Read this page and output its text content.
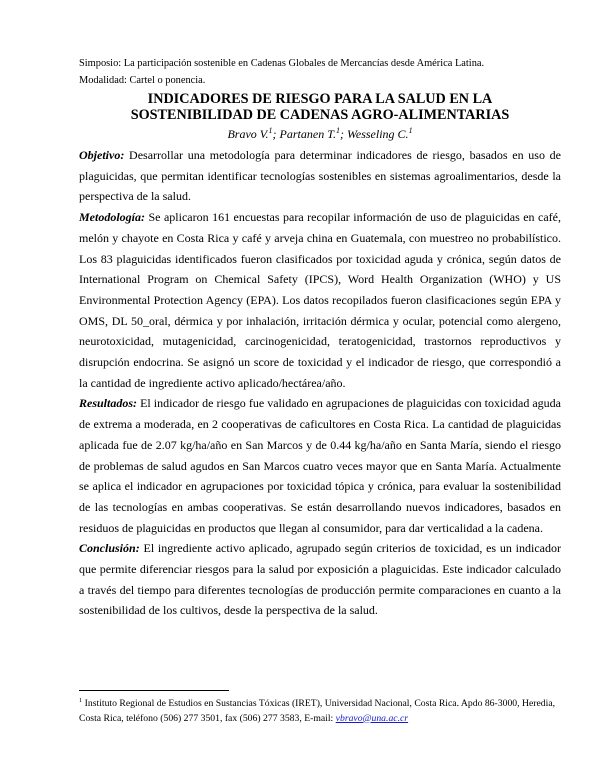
Simposio: La participación sostenible en Cadenas Globales de Mercancías desde América Latina.
Modalidad: Cartel o ponencia.
INDICADORES DE RIESGO PARA LA SALUD EN LA
SOSTENIBILIDAD DE CADENAS AGRO-ALIMENTARIAS
Bravo V.$^1$; Partanen T.$^1$; Wesseling C.$^1$

Objetivo: Desarrollar una metodología para determinar indicadores de riesgo, basados en uso de plaguicidas, que permitan identificar tecnologías sostenibles en sistemas agroalimentarios, desde la perspectiva de la salud.

Metodología: Se aplicaron 161 encuestas para recopilar información de uso de plaguicidas en café, melón y chayote en Costa Rica y café y arveja china en Guatemala, con muestreo no probabilístico. Los 83 plaguicidas identificados fueron clasificados por toxicidad aguda y crónica, según datos de International Program on Chemical Safety (IPCS), Word Health Organization (WHO) y US Environmental Protection Agency (EPA). Los datos recopilados fueron clasificaciones según EPA y OMS, DL 50_oral, dérmica y por inhalación, irritación dérmica y ocular, potencial como alergeno, neurotoxicidad, mutagenicidad, carcinogenicidad, teratogenicidad, trastornos reproductivos y disrupción endocrina. Se asignó un score de toxicidad y el indicador de riesgo, que correspondió a la cantidad de ingrediente activo aplicado/hectárea/año.

Resultados: El indicador de riesgo fue validado en agrupaciones de plaguicidas con toxicidad aguda de extrema a moderada, en 2 cooperativas de caficultores en Costa Rica. La cantidad de plaguicidas aplicada fue de 2.07 kg/ha/año en San Marcos y de 0.44 kg/ha/año en Santa María, siendo el riesgo de problemas de salud agudos en San Marcos cuatro veces mayor que en Santa María. Actualmente se aplica el indicador en agrupaciones por toxicidad tópica y crónica, para evaluar la sostenibilidad de las tecnologías en ambas cooperativas. Se están desarrollando nuevos indicadores, basados en residuos de plaguicidas en productos que llegan al consumidor, para dar verticalidad a la cadena.

Conclusión: El ingrediente activo aplicado, agrupado según criterios de toxicidad, es un indicador que permite diferenciar riesgos para la salud por exposición a plaguicidas. Este indicador calculado a través del tiempo para diferentes tecnologías de producción permite comparaciones en cuanto a la sostenibilidad de los cultivos, desde la perspectiva de la salud.

$^1$ Instituto Regional de Estudios en Sustancias Tóxicas (IRET), Universidad Nacional, Costa Rica. Apdo 86-3000, Heredia, Costa Rica, teléfono (506) 277 3501, fax (506) 277 3583, E-mail: vbravo@una.ac.cr
